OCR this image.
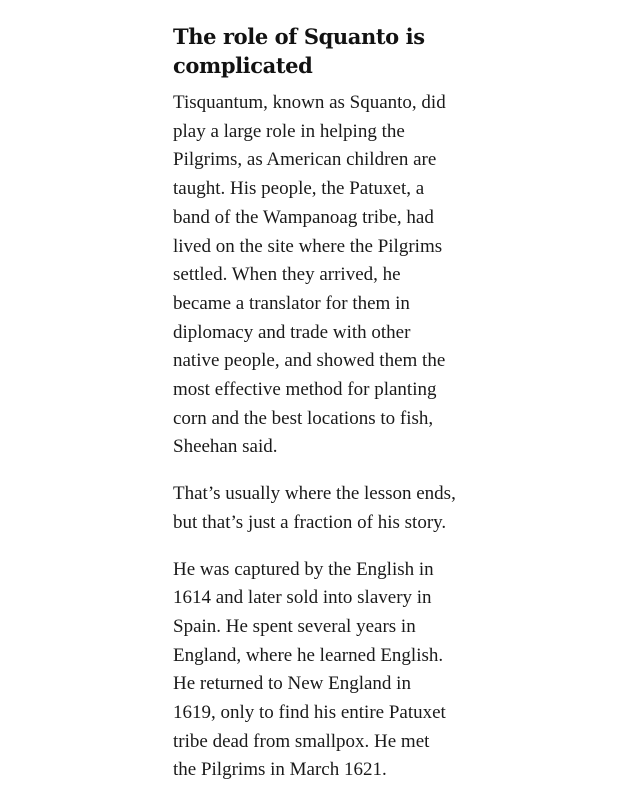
The role of Squanto is
complicated

Tisquantum, known as Squanto, did
play a large role in helping the
Pilgrims, as American children are
taught. His people, the Patuxet, a
band of the Wampanoag tribe, had
lived on the site where the Pilgrims
settled. When they arrived, he
became a translator for them in
diplomacy and trade with other
native people, and showed them the
most effective method for planting
corn and the best locations to fish,
Sheehan said.

That’s usually where the lesson ends,
but that’s just a fraction of his story.

He was captured by the English in
1614 and later sold into slavery in
Spain. He spent several years in
England, where he learned English.
He returned to New England in
1619, only to find his entire Patuxet
tribe dead from smallpox. He met
the Pilgrims in March 1621.
